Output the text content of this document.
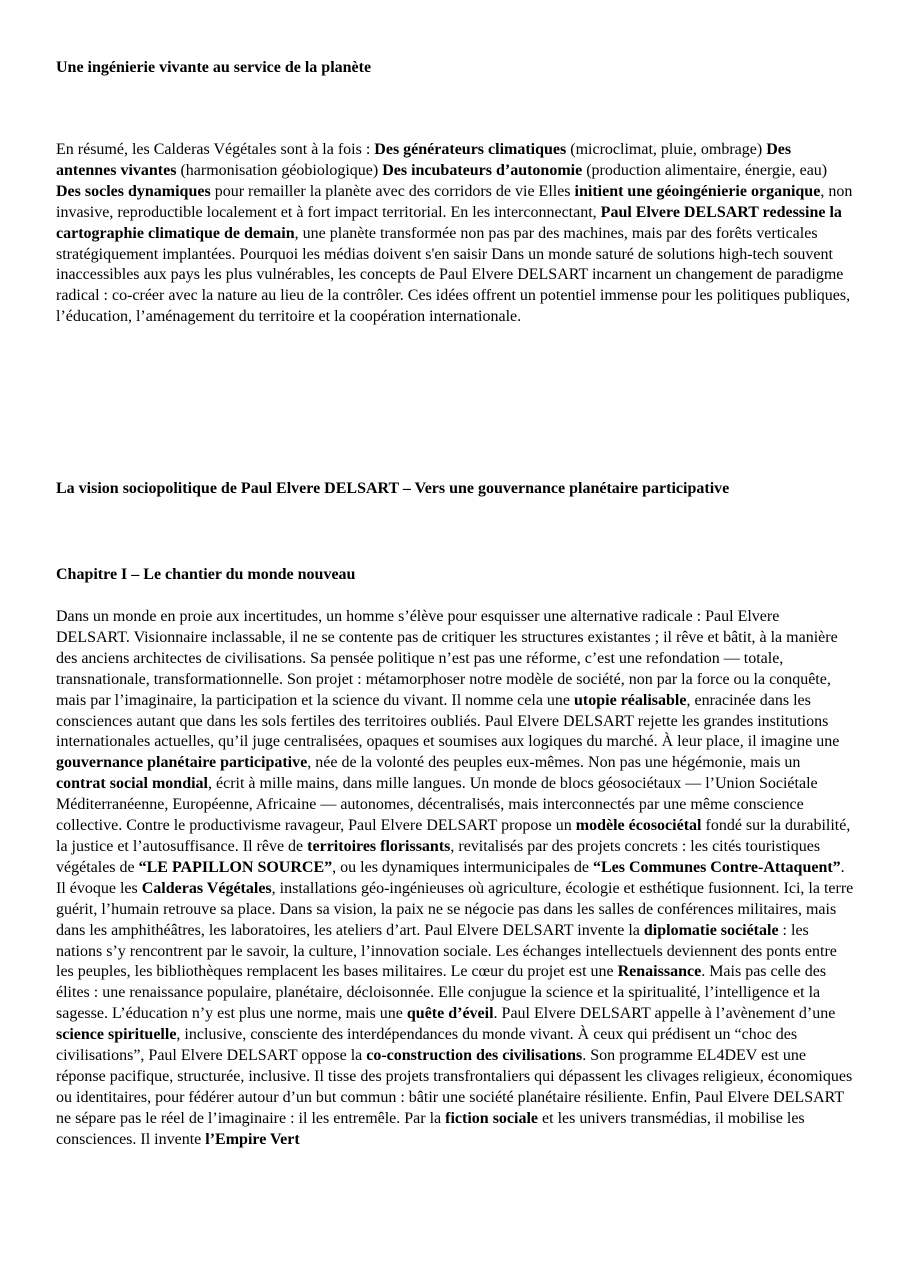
Une ingénierie vivante au service de la planète
En résumé, les Calderas Végétales sont à la fois : Des générateurs climatiques (microclimat, pluie, ombrage) Des antennes vivantes (harmonisation géobiologique) Des incubateurs d’autonomie (production alimentaire, énergie, eau) Des socles dynamiques pour remailler la planète avec des corridors de vie Elles initient une géoingénierie organique, non invasive, reproductible localement et à fort impact territorial. En les interconnectant, Paul Elvere DELSART redessine la cartographie climatique de demain, une planète transformée non pas par des machines, mais par des forêts verticales stratégiquement implantées. Pourquoi les médias doivent s'en saisir Dans un monde saturé de solutions high-tech souvent inaccessibles aux pays les plus vulnérables, les concepts de Paul Elvere DELSART incarnent un changement de paradigme radical : co-créer avec la nature au lieu de la contrôler. Ces idées offrent un potentiel immense pour les politiques publiques, l’éducation, l’aménagement du territoire et la coopération internationale.
La vision sociopolitique de Paul Elvere DELSART – Vers une gouvernance planétaire participative
Chapitre I – Le chantier du monde nouveau
Dans un monde en proie aux incertitudes, un homme s’élève pour esquisser une alternative radicale : Paul Elvere DELSART. Visionnaire inclassable, il ne se contente pas de critiquer les structures existantes ; il rêve et bâtit, à la manière des anciens architectes de civilisations. Sa pensée politique n’est pas une réforme, c’est une refondation — totale, transnationale, transformationnelle. Son projet : métamorphoser notre modèle de société, non par la force ou la conquête, mais par l’imaginaire, la participation et la science du vivant. Il nomme cela une utopie réalisable, enracinée dans les consciences autant que dans les sols fertiles des territoires oubliés. Paul Elvere DELSART rejette les grandes institutions internationales actuelles, qu’il juge centralisées, opaques et soumises aux logiques du marché. À leur place, il imagine une gouvernance planétaire participative, née de la volonté des peuples eux-mêmes. Non pas une hégémonie, mais un contrat social mondial, écrit à mille mains, dans mille langues. Un monde de blocs géosociétaux — l’Union Sociétale Méditerranéenne, Européenne, Africaine — autonomes, décentralisés, mais interconnectés par une même conscience collective. Contre le productivisme ravageur, Paul Elvere DELSART propose un modèle écosociétal fondé sur la durabilité, la justice et l’autosuffisance. Il rêve de territoires florissants, revitalisés par des projets concrets : les cités touristiques végétales de “LE PAPILLON SOURCE”, ou les dynamiques intermunicipales de “Les Communes Contre-Attaquent”. Il évoque les Calderas Végétales, installations géo-ingénieuses où agriculture, écologie et esthétique fusionnent. Ici, la terre guérit, l’humain retrouve sa place. Dans sa vision, la paix ne se négocie pas dans les salles de conférences militaires, mais dans les amphithéâtres, les laboratoires, les ateliers d’art. Paul Elvere DELSART invente la diplomatie sociétale : les nations s’y rencontrent par le savoir, la culture, l’innovation sociale. Les échanges intellectuels deviennent des ponts entre les peuples, les bibliothèques remplacent les bases militaires. Le cœur du projet est une Renaissance. Mais pas celle des élites : une renaissance populaire, planétaire, décloisonnée. Elle conjugue la science et la spiritualité, l’intelligence et la sagesse. L’éducation n’y est plus une norme, mais une quête d’éveil. Paul Elvere DELSART appelle à l’avènement d’une science spirituelle, inclusive, consciente des interdépendances du monde vivant. À ceux qui prédisent un “choc des civilisations”, Paul Elvere DELSART oppose la co-construction des civilisations. Son programme EL4DEV est une réponse pacifique, structurée, inclusive. Il tisse des projets transfrontaliers qui dépassent les clivages religieux, économiques ou identitaires, pour fédérer autour d’un but commun : bâtir une société planétaire résiliente. Enfin, Paul Elvere DELSART ne sépare pas le réel de l’imaginaire : il les entremêle. Par la fiction sociale et les univers transmédias, il mobilise les consciences. Il invente l’Empire Vert
